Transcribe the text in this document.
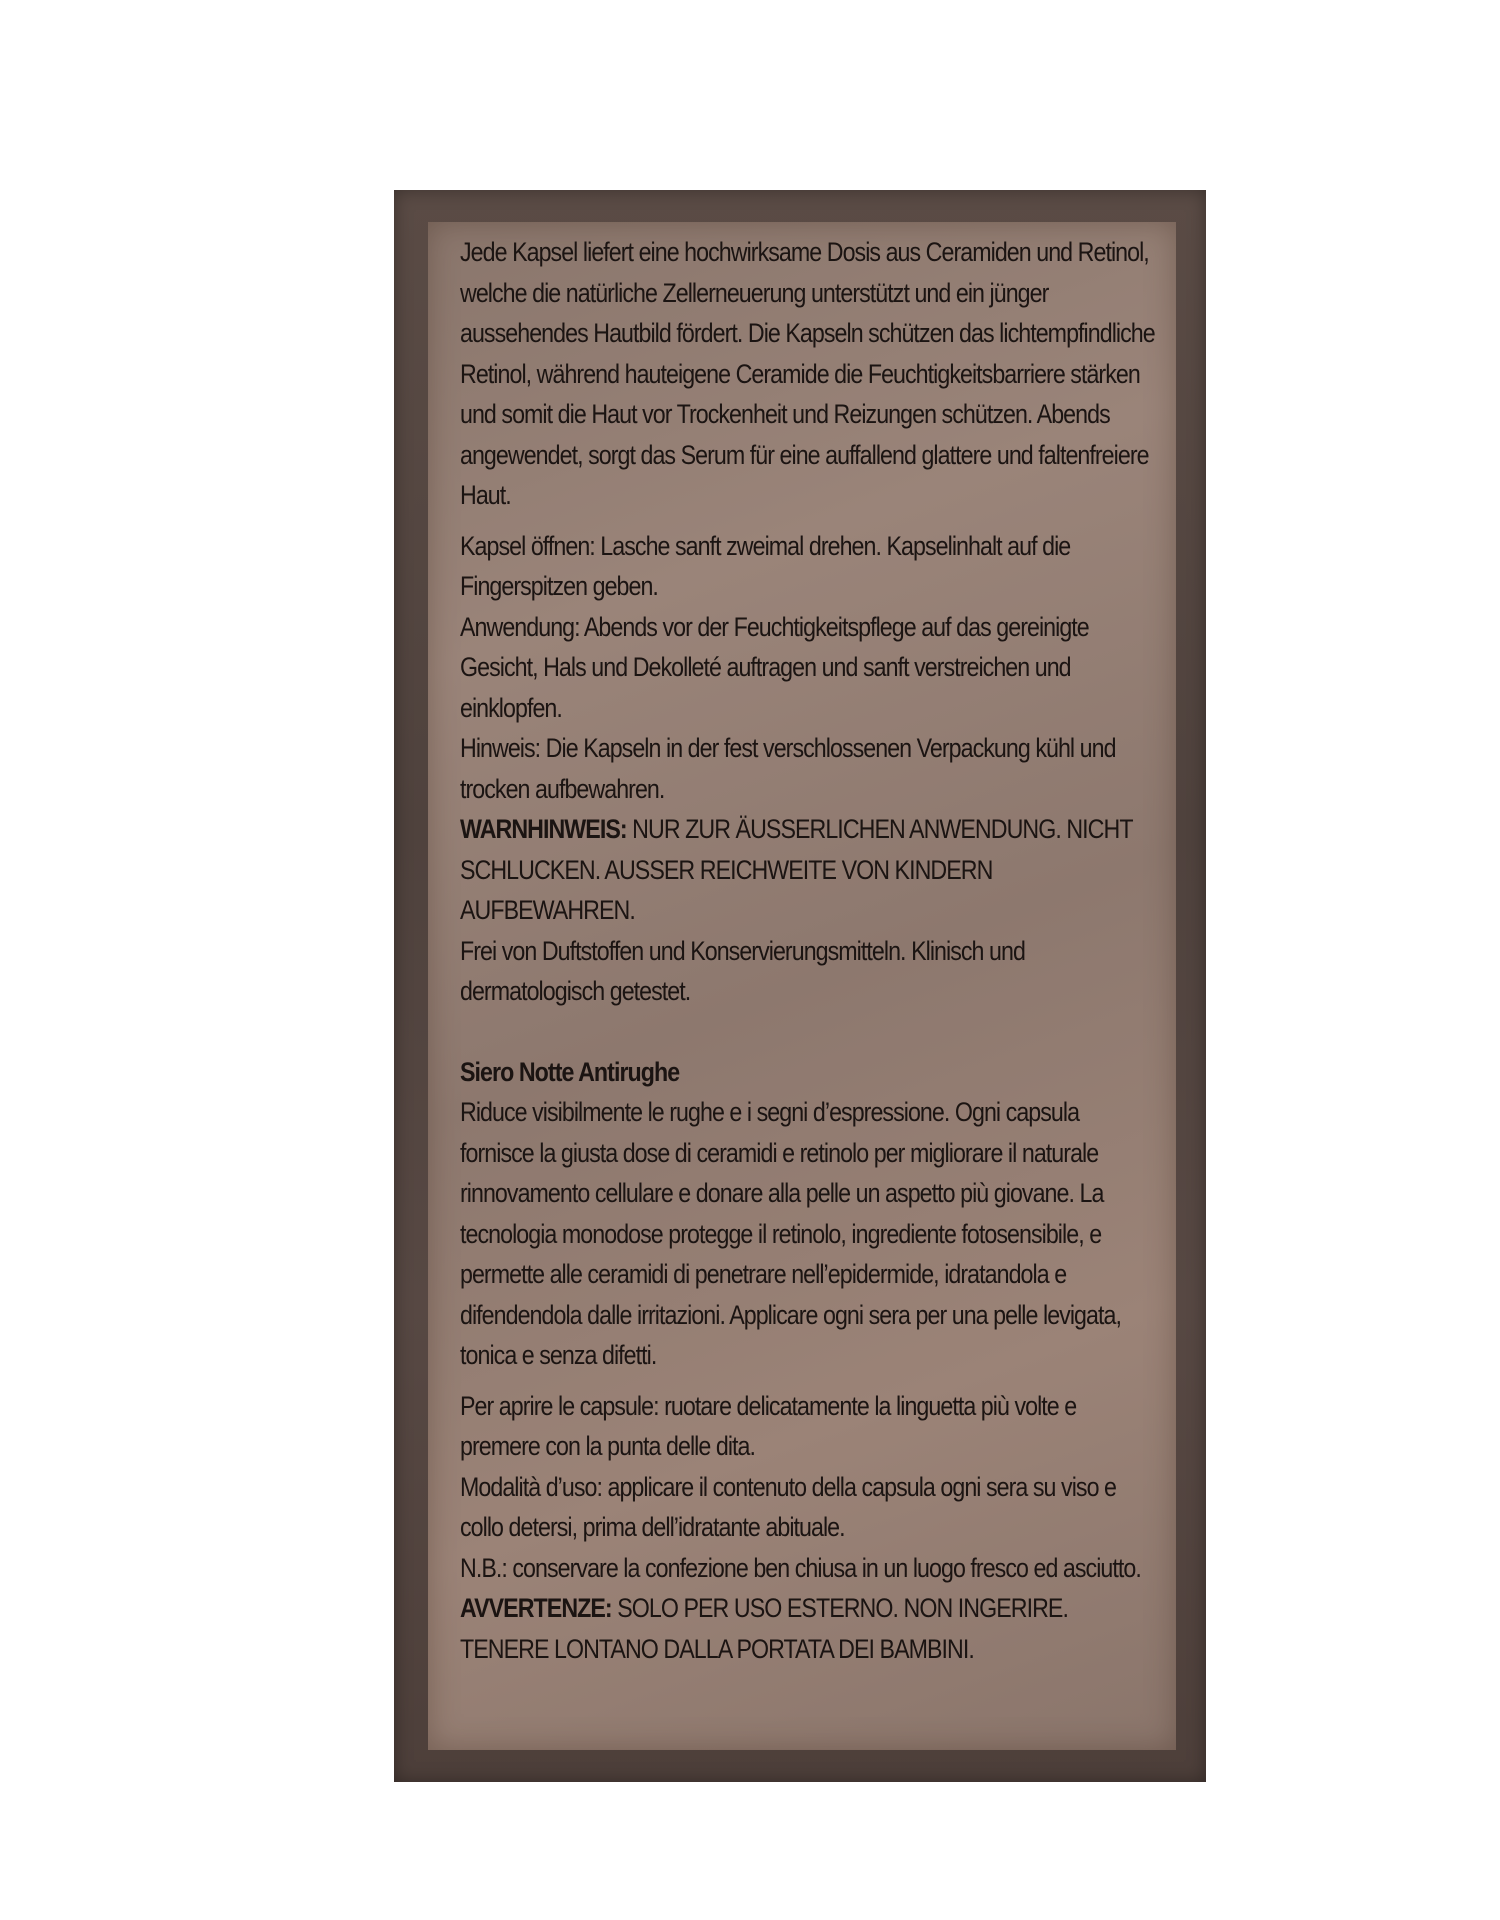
Jede Kapsel liefert eine hochwirksame Dosis aus Ceramiden und Retinol, welche die natürliche Zellerneuerung unterstützt und ein jünger aussehendes Hautbild fördert. Die Kapseln schützen das lichtempfindliche Retinol, während hauteigene Ceramide die Feuchtigkeitsbarriere stärken und somit die Haut vor Trockenheit und Reizungen schützen. Abends angewendet, sorgt das Serum für eine auffallend glattere und faltenfreiere Haut.

Kapsel öffnen: Lasche sanft zweimal drehen. Kapselinhalt auf die Fingerspitzen geben.

Anwendung: Abends vor der Feuchtigkeitspflege auf das gereinigte Gesicht, Hals und Dekolleté auftragen und sanft verstreichen und einklopfen.

Hinweis: Die Kapseln in der fest verschlossenen Verpackung kühl und trocken aufbewahren.

WARNHINWEIS: NUR ZUR ÄUSSERLICHEN ANWENDUNG. NICHT SCHLUCKEN. AUSSER REICHWEITE VON KINDERN AUFBEWAHREN.

Frei von Duftstoffen und Konservierungsmitteln. Klinisch und dermatologisch getestet.

Siero Notte Antirughe

Riduce visibilmente le rughe e i segni d’espressione. Ogni capsula fornisce la giusta dose di ceramidi e retinolo per migliorare il naturale rinnovamento cellulare e donare alla pelle un aspetto più giovane. La tecnologia monodose protegge il retinolo, ingrediente fotosensibile, e permette alle ceramidi di penetrare nell’epidermide, idratandola e difendendola dalle irritazioni. Applicare ogni sera per una pelle levigata, tonica e senza difetti.

Per aprire le capsule: ruotare delicatamente la linguetta più volte e premere con la punta delle dita.

Modalità d’uso: applicare il contenuto della capsula ogni sera su viso e collo detersi, prima dell’idratante abituale.

N.B.: conservare la confezione ben chiusa in un luogo fresco ed asciutto.

AVVERTENZE: SOLO PER USO ESTERNO. NON INGERIRE. TENERE LONTANO DALLA PORTATA DEI BAMBINI.
